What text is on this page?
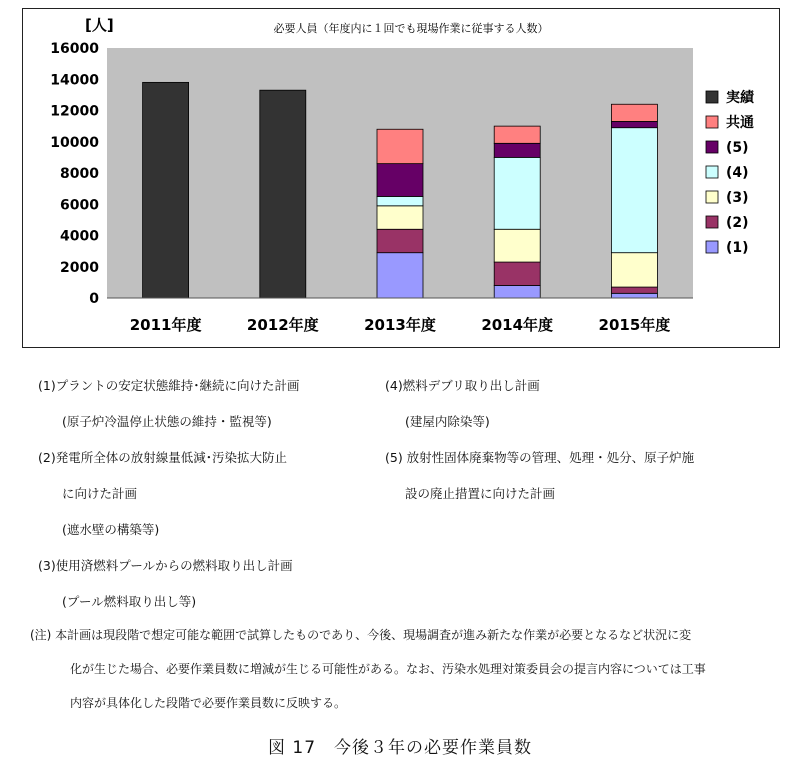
0
2000
4000
6000
8000
10000
12000
14000
16000
2011年度	2012年度	2013年度	2014年度	2015年度
実績
共通
(5)
(4)
(3)
(2)
(1)
必要人員（年度内に１回でも現場作業に従事する人数）
[人]
(1)プラントの安定状態維持･継続に向けた計画
(原子炉冷温停止状態の維持・監視等)
(2)発電所全体の放射線量低減･汚染拡大防止
に向けた計画
(遮水壁の構築等)
(3)使用済燃料プールからの燃料取り出し計画
(プール燃料取り出し等)
(4)燃料デブリ取り出し計画
(建屋内除染等)
(5) 放射性固体廃棄物等の管理、処理・処分、原子炉施
設の廃止措置に向けた計画
(注) 本計画は現段階で想定可能な範囲で試算したものであり、今後、現場調査が進み新たな作業が必要となるなど状況に変
化が生じた場合、必要作業員数に増減が生じる可能性がある。なお、汚染水処理対策委員会の提言内容については工事
内容が具体化した段階で必要作業員数に反映する。
図 17　今後３年の必要作業員数
